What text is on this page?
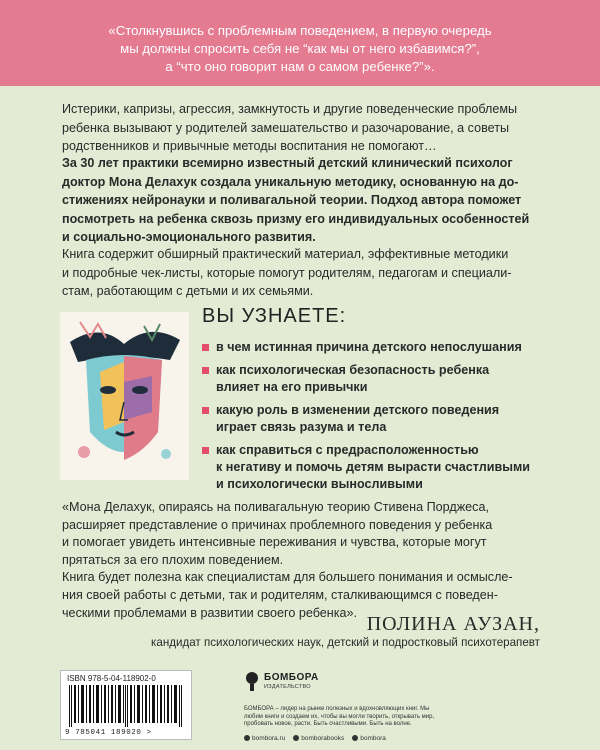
«Столкнувшись с проблемным поведением, в первую очередь
мы должны спросить себя не “как мы от него избавимся?”,
а “что оно говорит нам о самом ребенке?”».
Истерики, капризы, агрессия, замкнутость и другие поведенческие проблемы
ребенка вызывают у родителей замешательство и разочарование, а советы
родственников и привычные методы воспитания не помогают…
За 30 лет практики всемирно известный детский клинический психолог
доктор Мона Делахук создала уникальную методику, основанную на до-
стижениях нейронауки и поливагальной теории. Подход автора поможет
посмотреть на ребенка сквозь призму его индивидуальных особенностей
и социально-эмоционального развития.
Книга содержит обширный практический материал, эффективные методики
и подробные чек-листы, которые помогут родителям, педагогам и специали-
стам, работающим с детьми и их семьями.
ВЫ УЗНАЕТЕ:
в чем истинная причина детского непослушания
как психологическая безопасность ребенка
влияет на его привычки
какую роль в изменении детского поведения
играет связь разума и тела
как справиться с предрасположенностью
к негативу и помочь детям вырасти счастливыми
и психологически выносливыми
«Мона Делахук, опираясь на поливагальную теорию Стивена Порджеса,
расширяет представление о причинах проблемного поведения у ребенка
и помогает увидеть интенсивные переживания и чувства, которые могут
прятаться за его плохим поведением.
Книга будет полезна как специалистам для большего понимания и осмысле-
ния своей работы с детьми, так и родителям, сталкивающимся с поведен-
ческими проблемами в развитии своего ребенка».
ПОЛИНА АУЗАН,
кандидат психологических наук, детский и подростковый психотерапевт
ISBN 978-5-04-118902-0
9 785041 189020 >
БОМБОРА
ИЗДАТЕЛЬСТВО
БОМБОРА – лидер на рынке полезных и вдохновляющих книг. Мы любим книги и создаем их, чтобы вы могли творить, открывать мир, пробовать новое, расти. Быть счастливыми. Быть на волне.
bombora.ru	bomborabooks	bombora
